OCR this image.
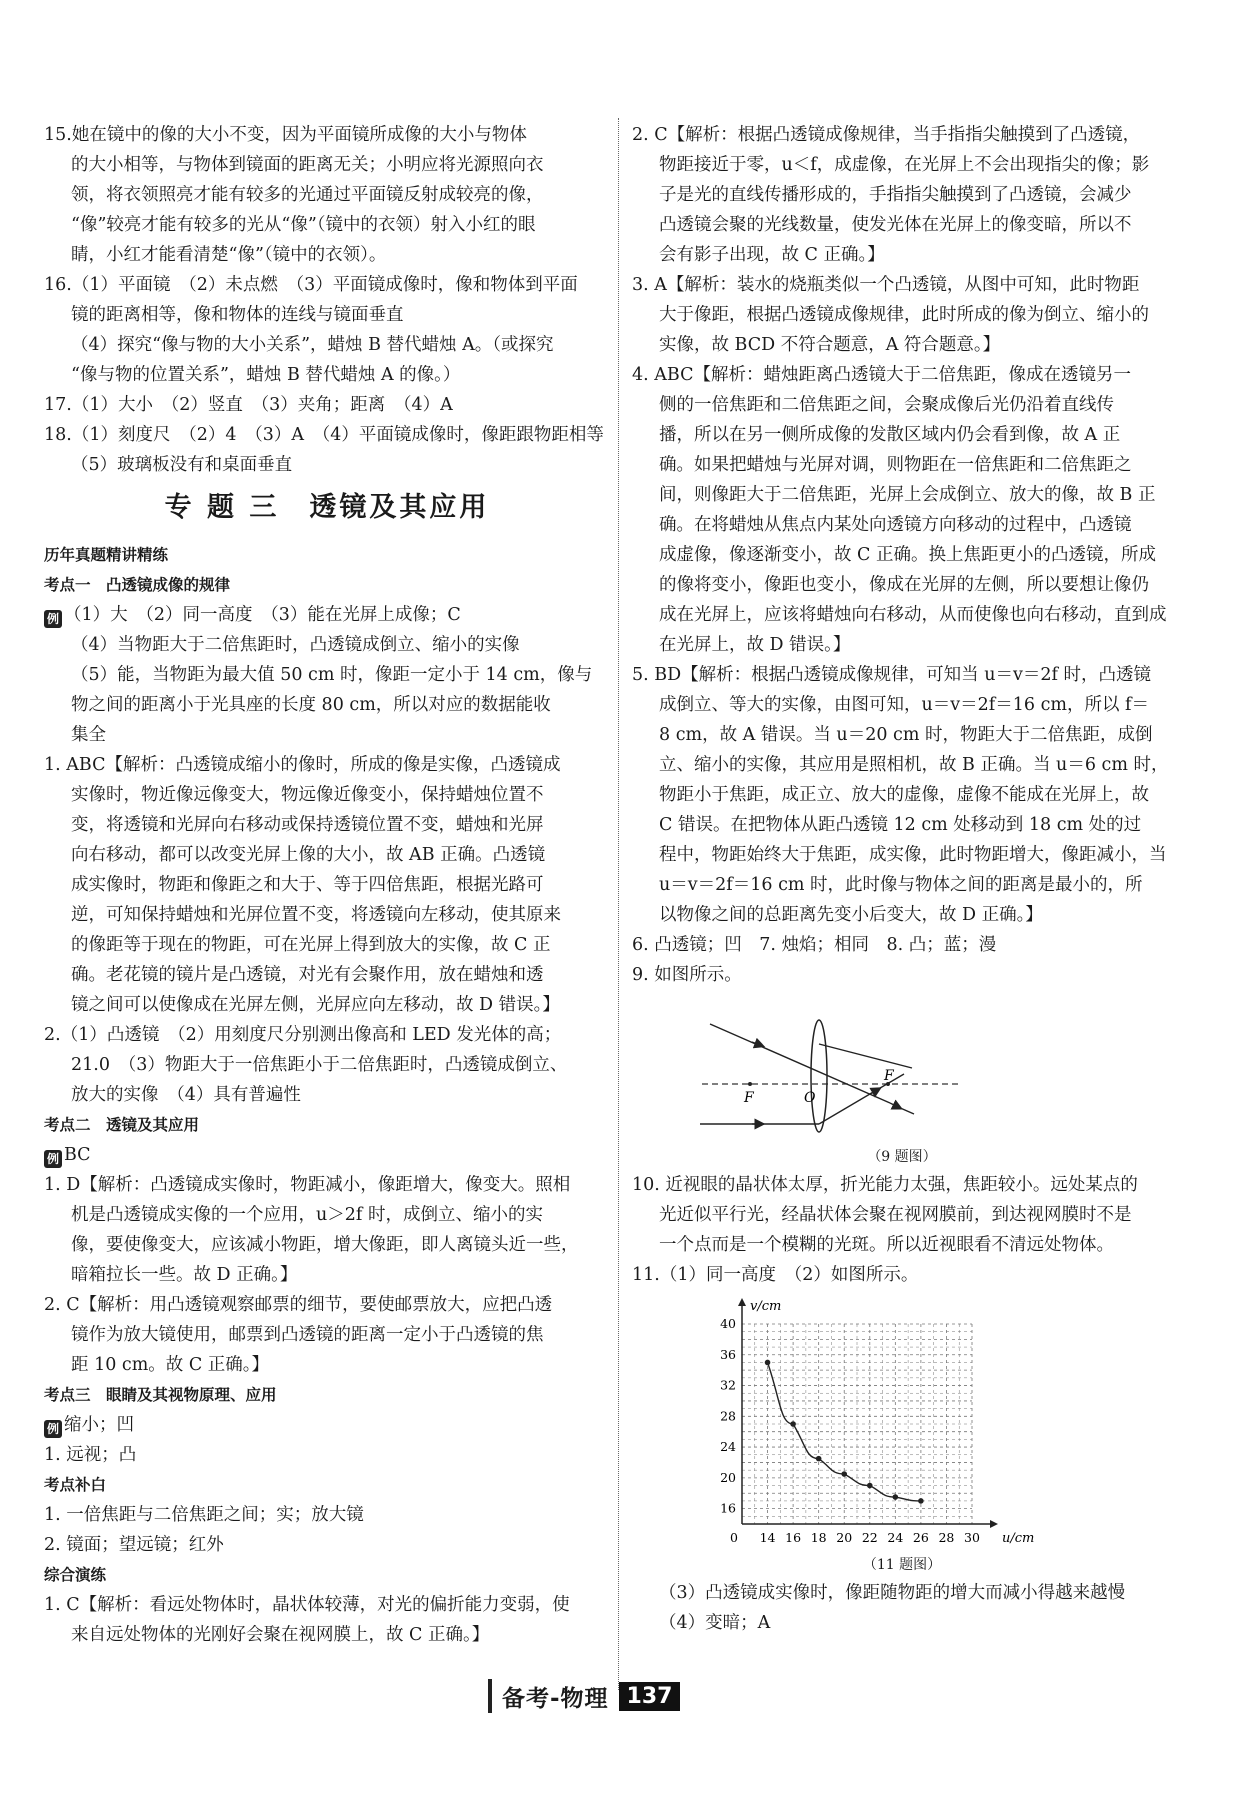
15.她在镜中的像的大小不变，因为平面镜所成像的大小与物体
的大小相等，与物体到镜面的距离无关；小明应将光源照向衣
领，将衣领照亮才能有较多的光通过平面镜反射成较亮的像，
“像”较亮才能有较多的光从“像”（镜中的衣领）射入小红的眼
睛，小红才能看清楚“像”（镜中的衣领）。

16.（1）平面镜　（2）未点燃　（3）平面镜成像时，像和物体到平面
镜的距离相等，像和物体的连线与镜面垂直
（4）探究“像与物的大小关系”，蜡烛 B 替代蜡烛 A。（或探究
“像与物的位置关系”，蜡烛 B 替代蜡烛 A 的像。）

17.（1）大小　（2）竖直　（3）夹角；距离　（4）A

18.（1）刻度尺　（2）4　（3）A　（4）平面镜成像时，像距跟物距相等
（5）玻璃板没有和桌面垂直

专 题 三　透镜及其应用

历年真题精讲精练

考点一　凸透镜成像的规律

例 （1）大　（2）同一高度　（3）能在光屏上成像；C

（4）当物距大于二倍焦距时，凸透镜成倒立、缩小的实像

（5）能，当物距为最大值 50 cm 时，像距一定小于 14 cm，像与
物之间的距离小于光具座的长度 80 cm，所以对应的数据能收
集全

1. ABC【解析：凸透镜成缩小的像时，所成的像是实像，凸透镜成
实像时，物近像远像变大，物远像近像变小，保持蜡烛位置不
变，将透镜和光屏向右移动或保持透镜位置不变，蜡烛和光屏
向右移动，都可以改变光屏上像的大小，故 AB 正确。凸透镜
成实像时，物距和像距之和大于、等于四倍焦距，根据光路可
逆，可知保持蜡烛和光屏位置不变，将透镜向左移动，使其原来
的像距等于现在的物距，可在光屏上得到放大的实像，故 C 正
确。老花镜的镜片是凸透镜，对光有会聚作用，放在蜡烛和透
镜之间可以使像成在光屏左侧，光屏应向左移动，故 D 错误。】

2.（1）凸透镜　（2）用刻度尺分别测出像高和 LED 发光体的高；
21.0　（3）物距大于一倍焦距小于二倍焦距时，凸透镜成倒立、
放大的实像　（4）具有普遍性

考点二　透镜及其应用

例 BC

1. D【解析：凸透镜成实像时，物距减小，像距增大，像变大。照相
机是凸透镜成实像的一个应用，u＞2f 时，成倒立、缩小的实
像，要使像变大，应该减小物距，增大像距，即人离镜头近一些，
暗箱拉长一些。故 D 正确。】

2. C【解析：用凸透镜观察邮票的细节，要使邮票放大，应把凸透
镜作为放大镜使用，邮票到凸透镜的距离一定小于凸透镜的焦
距 10 cm。故 C 正确。】

考点三　眼睛及其视物原理、应用

例 缩小；凹

1. 远视；凸

考点补白

1. 一倍焦距与二倍焦距之间；实；放大镜

2. 镜面；望远镜；红外

综合演练

1. C【解析：看远处物体时，晶状体较薄，对光的偏折能力变弱，使
来自远处物体的光刚好会聚在视网膜上，故 C 正确。】

2. C【解析：根据凸透镜成像规律，当手指指尖触摸到了凸透镜，
物距接近于零，u＜f，成虚像，在光屏上不会出现指尖的像；影
子是光的直线传播形成的，手指指尖触摸到了凸透镜，会减少
凸透镜会聚的光线数量，使发光体在光屏上的像变暗，所以不
会有影子出现，故 C 正确。】

3. A【解析：装水的烧瓶类似一个凸透镜，从图中可知，此时物距
大于像距，根据凸透镜成像规律，此时所成的像为倒立、缩小的
实像，故 BCD 不符合题意，A 符合题意。】

4. ABC【解析：蜡烛距离凸透镜大于二倍焦距，像成在透镜另一
侧的一倍焦距和二倍焦距之间，会聚成像后光仍沿着直线传
播，所以在另一侧所成像的发散区域内仍会看到像，故 A 正
确。如果把蜡烛与光屏对调，则物距在一倍焦距和二倍焦距之
间，则像距大于二倍焦距，光屏上会成倒立、放大的像，故 B 正
确。在将蜡烛从焦点内某处向透镜方向移动的过程中，凸透镜
成虚像，像逐渐变小，故 C 正确。换上焦距更小的凸透镜，所成
的像将变小，像距也变小，像成在光屏的左侧，所以要想让像仍
成在光屏上，应该将蜡烛向右移动，从而使像也向右移动，直到成
在光屏上，故 D 错误。】

5. BD【解析：根据凸透镜成像规律，可知当 u＝v＝2f 时，凸透镜
成倒立、等大的实像，由图可知，u＝v＝2f＝16 cm，所以 f＝
8 cm，故 A 错误。当 u＝20 cm 时，物距大于二倍焦距，成倒
立、缩小的实像，其应用是照相机，故 B 正确。当 u＝6 cm 时，
物距小于焦距，成正立、放大的虚像，虚像不能成在光屏上，故
C 错误。在把物体从距凸透镜 12 cm 处移动到 18 cm 处的过
程中，物距始终大于焦距，成实像，此时物距增大，像距减小，当
u＝v＝2f＝16 cm 时，此时像与物体之间的距离是最小的，所
以物像之间的总距离先变小后变大，故 D 正确。】

6. 凸透镜；凹　7. 烛焰；相同　8. 凸；蓝；漫

9. 如图所示。

F	O
F
（9 题图）

10. 近视眼的晶状体太厚，折光能力太强，焦距较小。远处某点的
光近似平行光，经晶状体会聚在视网膜前，到达视网膜时不是
一个点而是一个模糊的光斑。所以近视眼看不清远处物体。

11.（1）同一高度　（2）如图所示。

14 16 18 20 22 24 26 28 30
16
20
24
28
32
36
40
0	u/cm
v/cm
（11 题图）

（3）凸透镜成实像时，像距随物距的增大而减小得越来越慢

（4）变暗；A

备考-物理 137
